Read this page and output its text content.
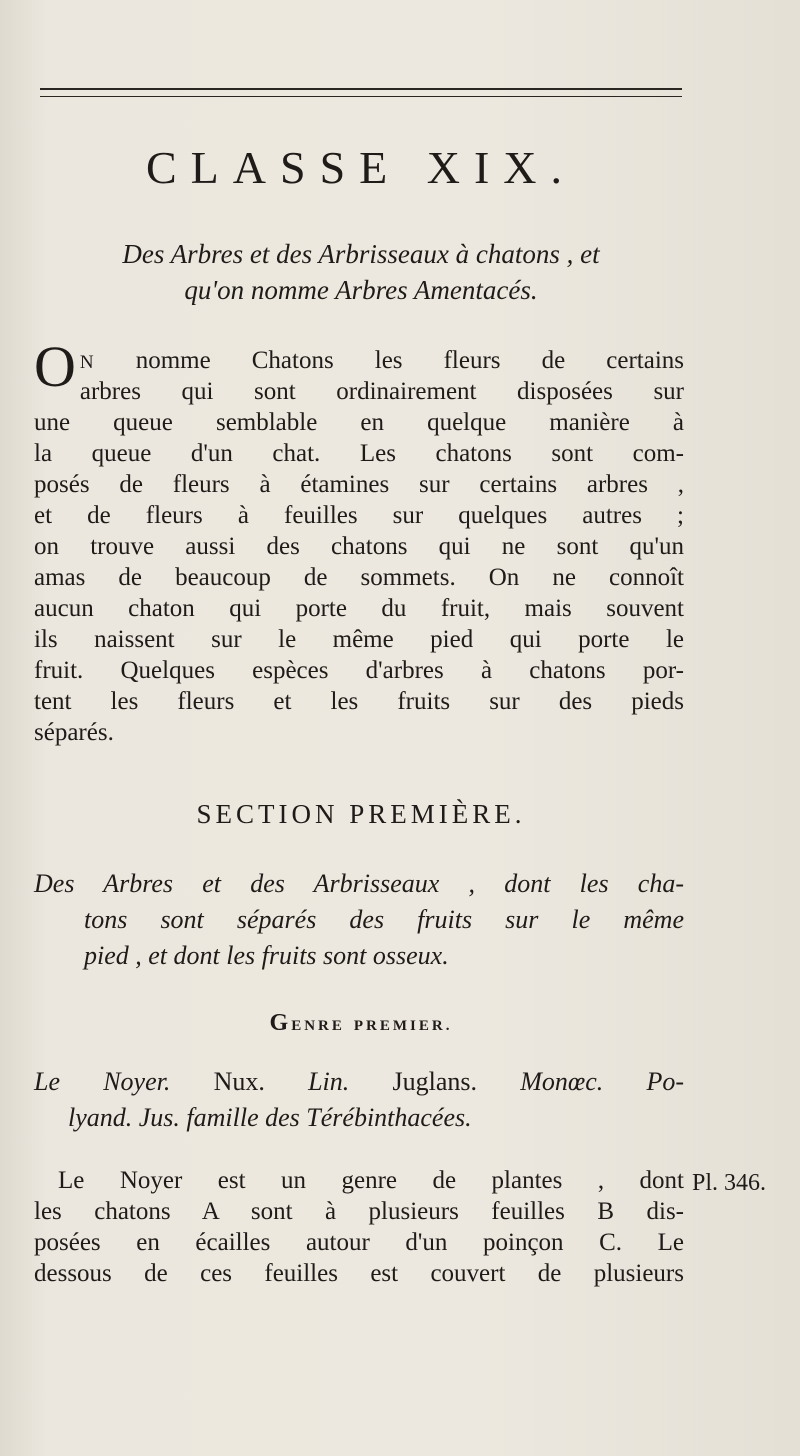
CLASSE XIX.
Des Arbres et des Arbrisseaux à chatons , et
qu'on nomme Arbres Amentacés.
O N nomme Chatons les fleurs de certains
arbres qui sont ordinairement disposées sur
une queue semblable en quelque manière à
la queue d'un chat. Les chatons sont com-
posés de fleurs à étamines sur certains arbres ,
et de fleurs à feuilles sur quelques autres ;
on trouve aussi des chatons qui ne sont qu'un
amas de beaucoup de sommets. On ne connoît
aucun chaton qui porte du fruit, mais souvent
ils naissent sur le même pied qui porte le
fruit. Quelques espèces d'arbres à chatons por-
tent les fleurs et les fruits sur des pieds
séparés.
SECTION PREMIÈRE.
Des Arbres et des Arbrisseaux , dont les cha-
tons sont séparés des fruits sur le même
pied , et dont les fruits sont osseux.
GENRE PREMIER.
Le Noyer. Nux. Lin. Juglans. Monœc. Po-
lyand. Jus. famille des Térébinthacées.
Le Noyer est un genre de plantes , dont
les chatons A sont à plusieurs feuilles B dis-
posées en écailles autour d'un poinçon C. Le
dessous de ces feuilles est couvert de plusieurs
Pl. 346.
